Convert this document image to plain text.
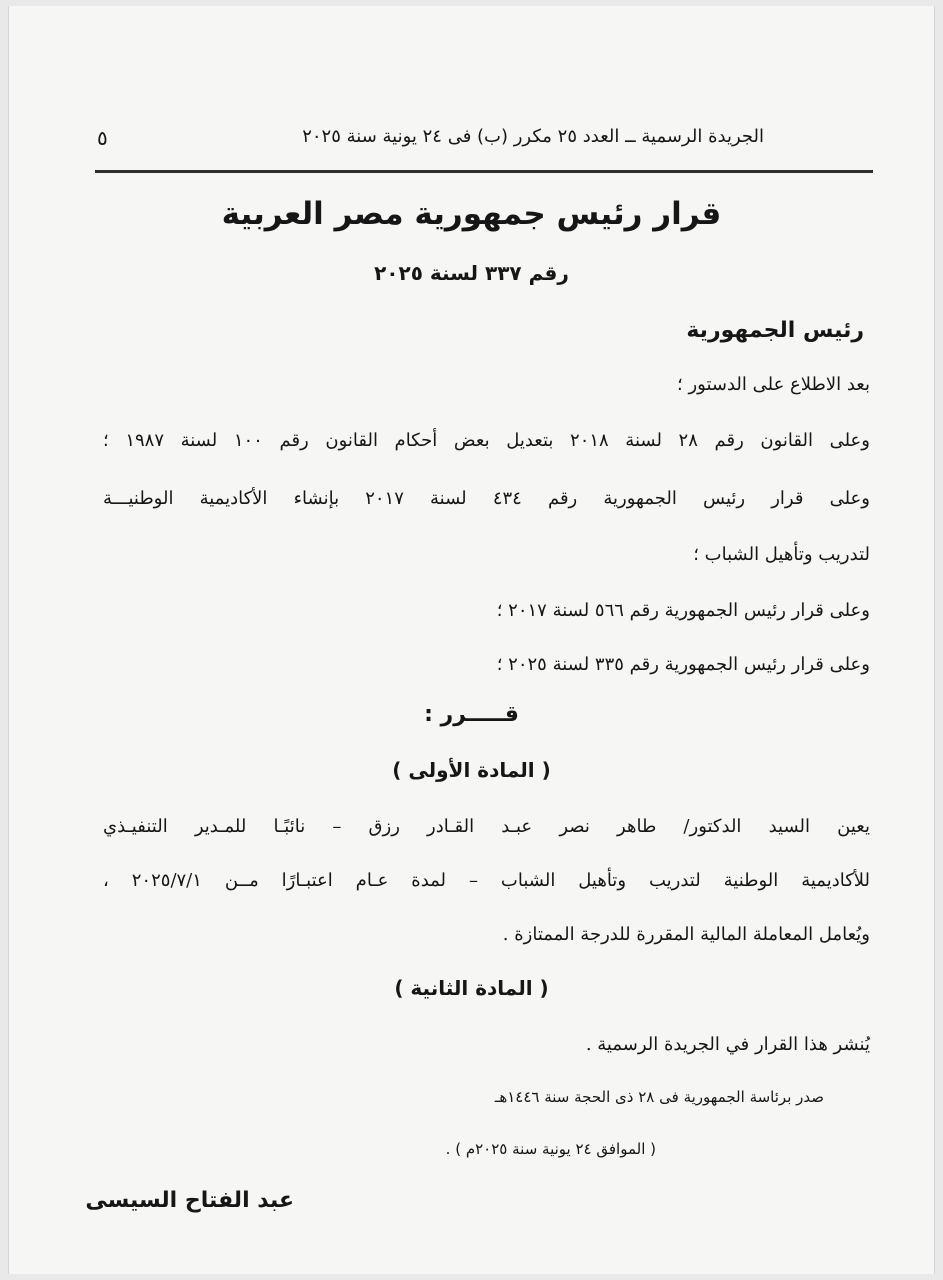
الجريدة الرسمية ــ العدد ٢٥ مكرر (ب) فى ٢٤ يونية سنة ٢٠٢٥
٥
قرار رئيس جمهورية مصر العربية
رقم ٣٣٧ لسنة ٢٠٢٥
رئيس الجمهورية
بعد الاطلاع على الدستور ؛
وعلى القانون رقم ٢٨ لسنة ٢٠١٨ بتعديل بعض أحكام القانون رقم ١٠٠ لسنة ١٩٨٧ ؛
وعلى قرار رئيس الجمهورية رقم ٤٣٤ لسنة ٢٠١٧ بإنشاء الأكاديمية الوطنيـــة
لتدريب وتأهيل الشباب ؛
وعلى قرار رئيس الجمهورية رقم ٥٦٦ لسنة ٢٠١٧ ؛
وعلى قرار رئيس الجمهورية رقم ٣٣٥ لسنة ٢٠٢٥ ؛
قـــــرر :
( المادة الأولى )
يعين السيد الدكتور/ طاهر نصر عبـد القـادر رزق – نائبًـا للمـدير التنفيـذي
للأكاديمية الوطنية لتدريب وتأهيل الشباب – لمدة عـام اعتبـارًا مــن ٢٠٢٥/٧/١ ،
ويُعامل المعاملة المالية المقررة للدرجة الممتازة .
( المادة الثانية )
يُنشر هذا القرار في الجريدة الرسمية .
صدر برئاسة الجمهورية فى ٢٨ ذى الحجة سنة ١٤٤٦هـ
( الموافق ٢٤ يونية سنة ٢٠٢٥م ) .
عبد الفتاح السيسى
